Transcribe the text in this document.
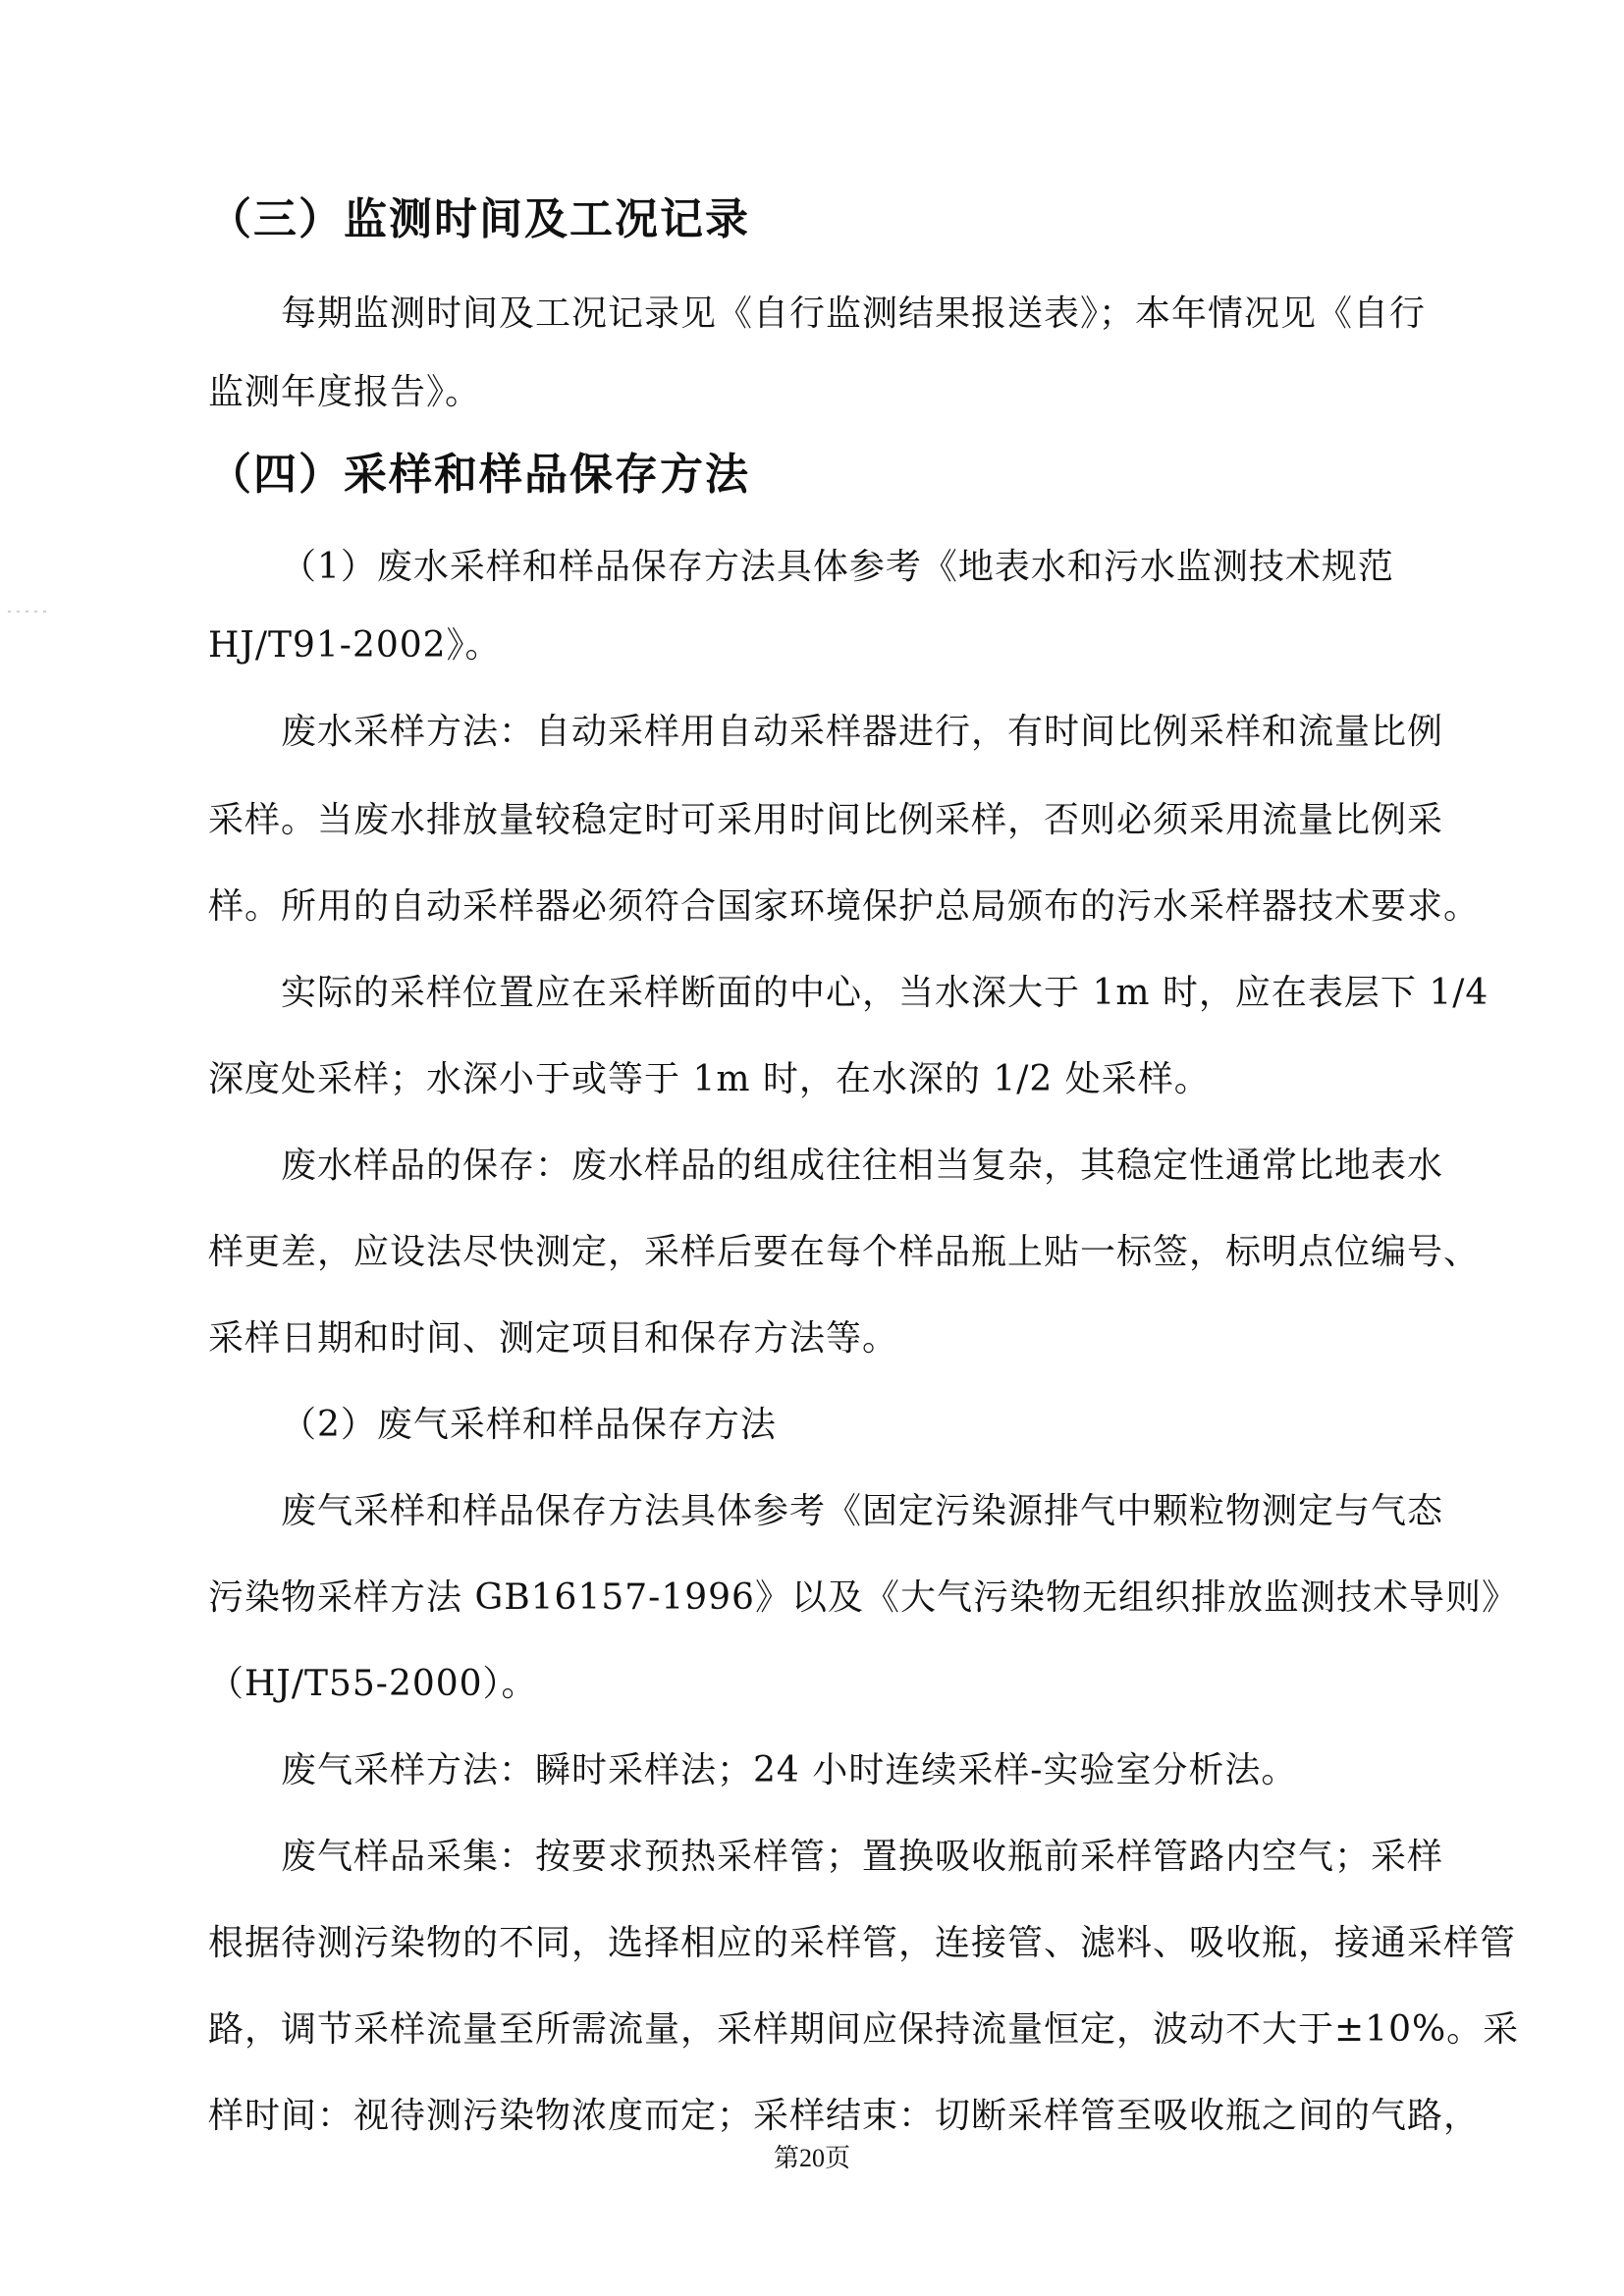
（三）监测时间及工况记录
每期监测时间及工况记录见《自行监测结果报送表》；本年情况见《自行
监测年度报告》。
（四）采样和样品保存方法
（1）废水采样和样品保存方法具体参考《地表水和污水监测技术规范
HJ/T91-2002》。
废水采样方法：自动采样用自动采样器进行，有时间比例采样和流量比例
采样。当废水排放量较稳定时可采用时间比例采样，否则必须采用流量比例采
样。所用的自动采样器必须符合国家环境保护总局颁布的污水采样器技术要求。
实际的采样位置应在采样断面的中心，当水深大于 1m 时，应在表层下 1/4
深度处采样；水深小于或等于 1m 时，在水深的 1/2 处采样。
废水样品的保存：废水样品的组成往往相当复杂，其稳定性通常比地表水
样更差，应设法尽快测定，采样后要在每个样品瓶上贴一标签，标明点位编号、
采样日期和时间、测定项目和保存方法等。
（2）废气采样和样品保存方法
废气采样和样品保存方法具体参考《固定污染源排气中颗粒物测定与气态
污染物采样方法 GB16157-1996》以及《大气污染物无组织排放监测技术导则》
（HJ/T55-2000）。
废气采样方法：瞬时采样法；24 小时连续采样-实验室分析法。
废气样品采集：按要求预热采样管；置换吸收瓶前采样管路内空气；采样
根据待测污染物的不同，选择相应的采样管，连接管、滤料、吸收瓶，接通采样管
路，调节采样流量至所需流量，采样期间应保持流量恒定，波动不大于±10%。采
样时间：视待测污染物浓度而定；采样结束：切断采样管至吸收瓶之间的气路，
第20页
